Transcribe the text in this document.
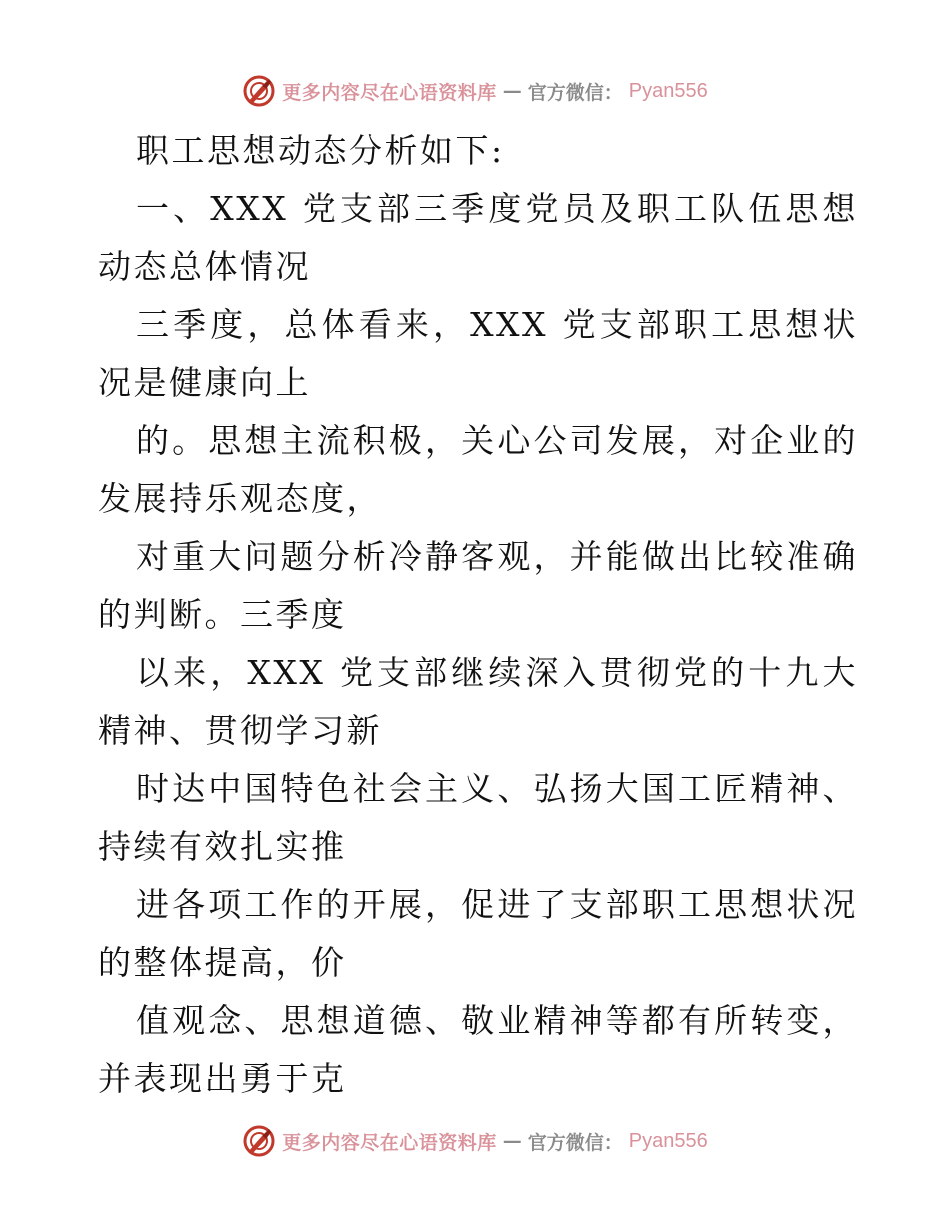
更多内容尽在心语资料库 — 官方微信： Pyan556

职工思想动态分析如下:

一、XXX 党支部三季度党员及职工队伍思想动态总体情况

三季度，总体看来，XXX 党支部职工思想状况是健康向上

的。思想主流积极，关心公司发展，对企业的发展持乐观态度，

对重大问题分析冷静客观，并能做出比较准确的判断。三季度

以来，XXX 党支部继续深入贯彻党的十九大精神、贯彻学习新

时达中国特色社会主义、弘扬大国工匠精神、持续有效扎实推

进各项工作的开展，促进了支部职工思想状况的整体提高，价

值观念、思想道德、敬业精神等都有所转变，并表现出勇于克

更多内容尽在心语资料库 — 官方微信： Pyan556
